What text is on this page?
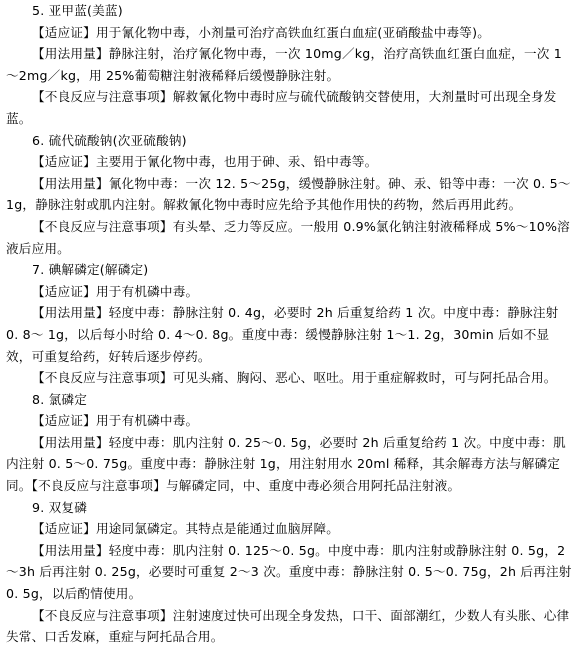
5. 亚甲蓝(美蓝)

【适应证】用于氰化物中毒，小剂量可治疗高铁血红蛋白血症(亚硝酸盐中毒等)。

【用法用量】静脉注射，治疗氰化物中毒，一次 10mg／kg，治疗高铁血红蛋白血症，一次 1～2mg／kg，用 25%葡萄糖注射液稀释后缓慢静脉注射。

【不良反应与注意事项】解救氰化物中毒时应与硫代硫酸钠交替使用，大剂量时可出现全身发蓝。

6. 硫代硫酸钠(次亚硫酸钠)

【适应证】主要用于氰化物中毒，也用于砷、汞、铅中毒等。

【用法用量】氰化物中毒：一次 12. 5～25g，缓慢静脉注射。砷、汞、铅等中毒：一次 0. 5～1g，静脉注射或肌内注射。解救氰化物中毒时应先给予其他作用快的药物，然后再用此药。

【不良反应与注意事项】有头晕、乏力等反应。一般用 0.9%氯化钠注射液稀释成 5%～10%溶液后应用。

7. 碘解磷定(解磷定)

【适应证】用于有机磷中毒。

【用法用量】轻度中毒：静脉注射 0. 4g，必要时 2h 后重复给药 1 次。中度中毒：静脉注射 0. 8～ 1g，以后每小时给 0. 4～0. 8g。重度中毒：缓慢静脉注射 1～1. 2g，30min 后如不显效，可重复给药，好转后逐步停药。

【不良反应与注意事项】可见头痛、胸闷、恶心、呕吐。用于重症解救时，可与阿托品合用。

8. 氯磷定

【适应证】用于有机磷中毒。

【用法用量】轻度中毒：肌内注射 0. 25～0. 5g，必要时 2h 后重复给药 1 次。中度中毒：肌内注射 0. 5～0. 75g。重度中毒：静脉注射 1g，用注射用水 20ml 稀释，其余解毒方法与解磷定同。【不良反应与注意事项】与解磷定同，中、重度中毒必须合用阿托品注射液。

9. 双复磷

【适应证】用途同氯磷定。其特点是能通过血脑屏障。

【用法用量】轻度中毒：肌内注射 0. 125～0. 5g。中度中毒：肌内注射或静脉注射 0. 5g，2～3h 后再注射 0. 25g，必要时可重复 2～3 次。重度中毒：静脉注射 0. 5～0. 75g，2h 后再注射 0. 5g，以后酌情使用。

【不良反应与注意事项】注射速度过快可出现全身发热，口干、面部潮红，少数人有头胀、心律失常、口舌发麻，重症与阿托品合用。
